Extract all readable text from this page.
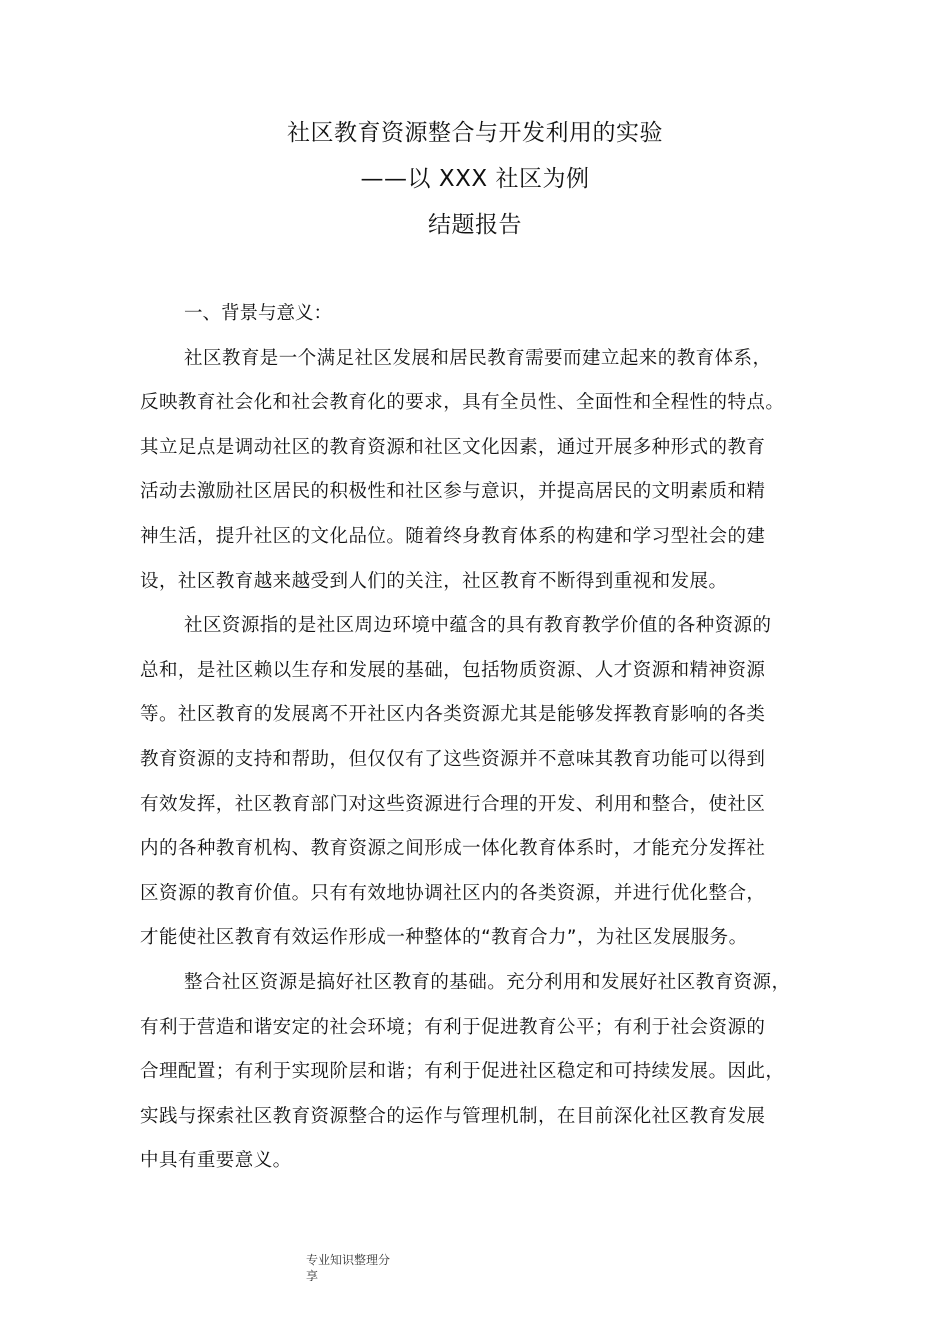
社区教育资源整合与开发利用的实验
——以 XXX 社区为例
结题报告
一、背景与意义：
社区教育是一个满足社区发展和居民教育需要而建立起来的教育体系，
反映教育社会化和社会教育化的要求，具有全员性、全面性和全程性的特点。
其立足点是调动社区的教育资源和社区文化因素，通过开展多种形式的教育
活动去激励社区居民的积极性和社区参与意识，并提高居民的文明素质和精
神生活，提升社区的文化品位。随着终身教育体系的构建和学习型社会的建
设，社区教育越来越受到人们的关注，社区教育不断得到重视和发展。
社区资源指的是社区周边环境中蕴含的具有教育教学价值的各种资源的
总和，是社区赖以生存和发展的基础，包括物质资源、人才资源和精神资源
等。社区教育的发展离不开社区内各类资源尤其是能够发挥教育影响的各类
教育资源的支持和帮助，但仅仅有了这些资源并不意味其教育功能可以得到
有效发挥，社区教育部门对这些资源进行合理的开发、利用和整合，使社区
内的各种教育机构、教育资源之间形成一体化教育体系时，才能充分发挥社
区资源的教育价值。只有有效地协调社区内的各类资源，并进行优化整合，
才能使社区教育有效运作形成一种整体的“教育合力”，为社区发展服务。
整合社区资源是搞好社区教育的基础。充分利用和发展好社区教育资源，
有利于营造和谐安定的社会环境；有利于促进教育公平；有利于社会资源的
合理配置；有利于实现阶层和谐；有利于促进社区稳定和可持续发展。因此，
实践与探索社区教育资源整合的运作与管理机制，在目前深化社区教育发展
中具有重要意义。
专业知识整理分
享
